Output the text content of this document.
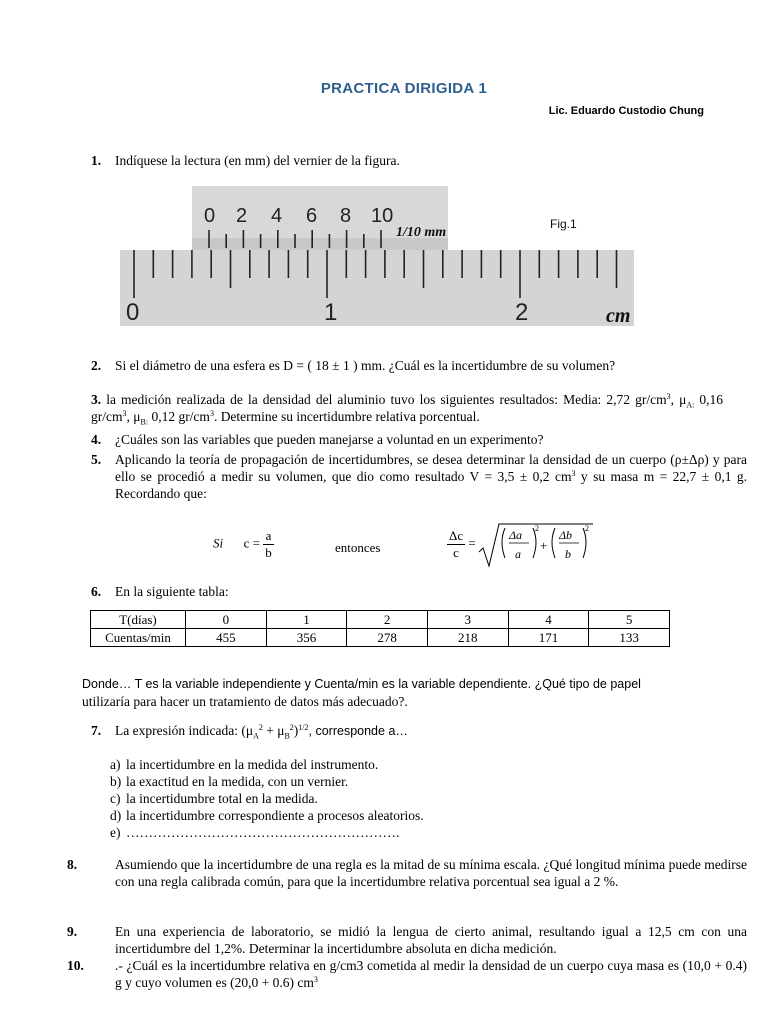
PRACTICA DIRIGIDA 1
Lic. Eduardo Custodio Chung
1. Indíquese la lectura (en mm) del vernier de la figura.
0 2 4 6 8 10
1/10 mm
Fig.1
0	1	2	cm
2. Si el diámetro de una esfera es D = ( 18 ± 1 ) mm. ¿Cuál es la incertidumbre de su volumen?
3. la medición realizada de la densidad del aluminio tuvo los siguientes resultados: Media: 2,72 $gr/cm^3$, $\mu_{A:}$ 0,16 $gr/cm^3$, $\mu_{B:}$ 0,12 $gr/cm^3$. Determine su incertidumbre relativa porcentual.
4. ¿Cuáles son las variables que pueden manejarse a voluntad en un experimento?
5. Aplicando la teoría de propagación de incertidumbres, se desea determinar la densidad de un cuerpo (ρ±Δρ) y para ello se procedió a medir su volumen, que dio como resultado V = 3,5 ± 0,2 $cm^3$ y su masa m = 22,7 ± 0,1 g. Recordando que:
Si $c = \frac{a}{b}$	entonces	$\frac{\Delta c}{c}$ =
Δa
a
2
+
Δb
b
2
6. En la siguiente tabla:
T(días)	0	1	2	3	4	5
Cuentas/min	455	356	278	218	171	133
Donde… T es la variable independiente y Cuenta/min es la variable dependiente. ¿Qué tipo de papel
utilizaría para hacer un tratamiento de datos más adecuado?.
7. La expresión indicada: $(\mu_A^2 + \mu_B^2)^{1/2}$, corresponde a…
a) la incertidumbre en la medida del instrumento.
b) la exactitud en la medida, con un vernier.
c) la incertidumbre total en la medida.
d) la incertidumbre correspondiente a procesos aleatorios.
e) …………………………………………………….
8.	Asumiendo que la incertidumbre de una regla es la mitad de su mínima escala. ¿Qué longitud mínima puede medirse con una regla calibrada común, para que la incertidumbre relativa porcentual sea igual a 2 %.
9.	En una experiencia de laboratorio, se midió la lengua de cierto animal, resultando igual a 12,5 cm con una incertidumbre del 1,2%. Determinar la incertidumbre absoluta en dicha medición.
10. .- ¿Cuál es la incertidumbre relativa en g/cm3 cometida al medir la densidad de un cuerpo cuya masa es (10,0 + 0.4) g y cuyo volumen es (20,0 + 0.6) $cm^3$
